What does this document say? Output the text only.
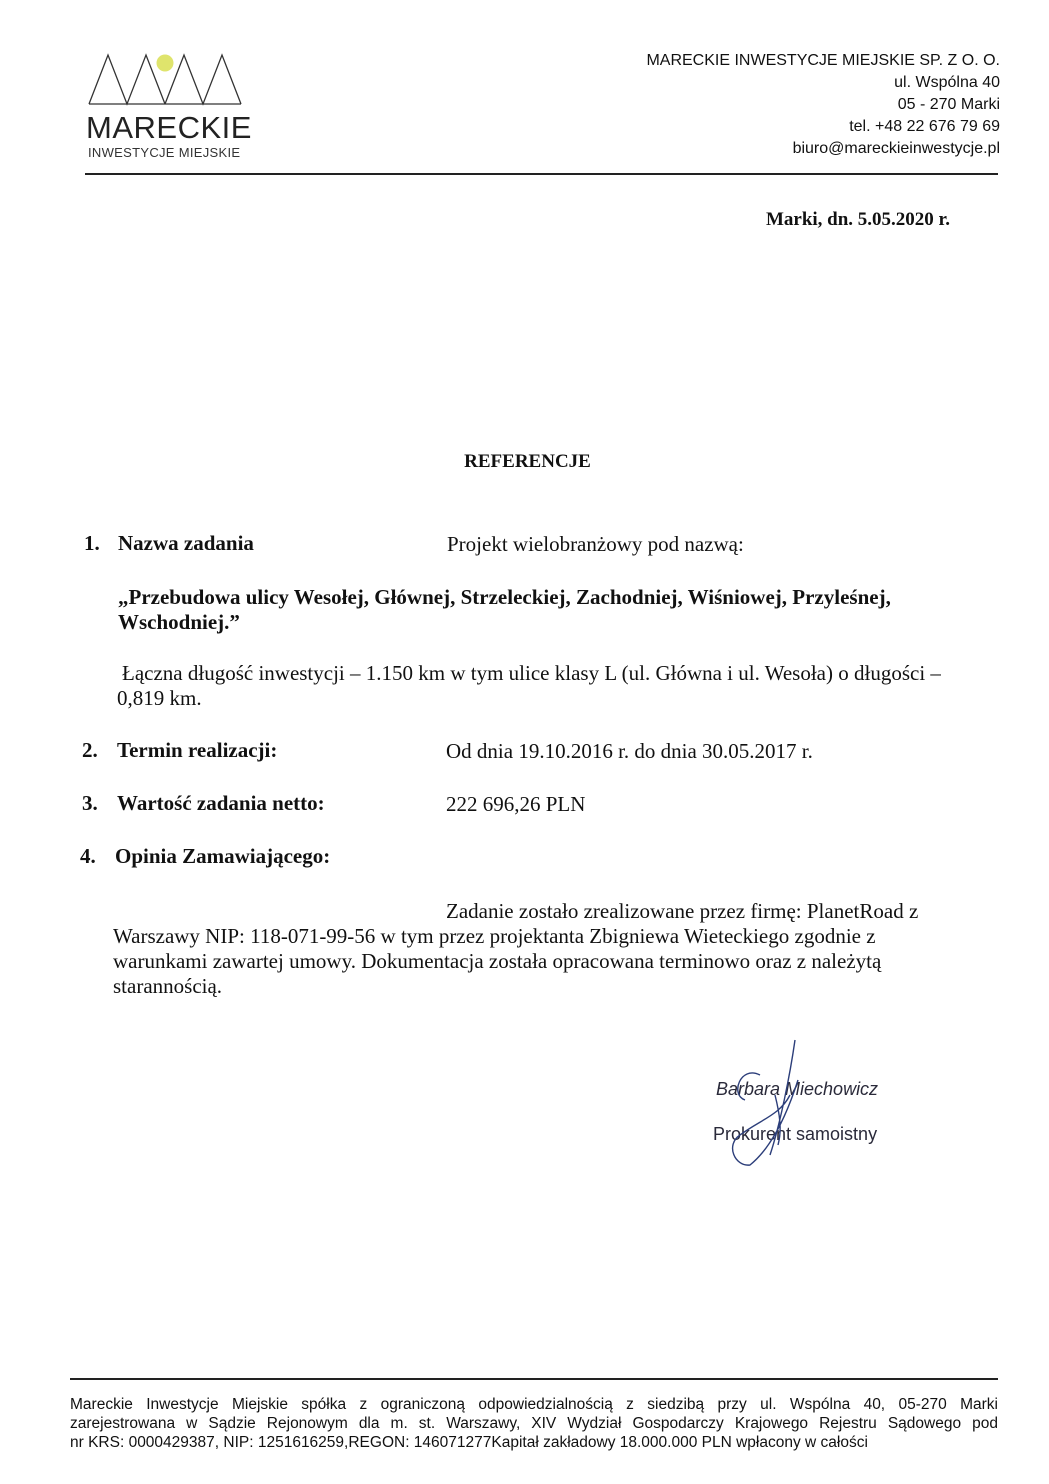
MARECKIE
INWESTYCJE MIEJSKIE
MARECKIE INWESTYCJE MIEJSKIE SP. Z O. O.
ul. Wspólna 40
05 - 270 Marki
tel. +48 22 676 79 69
biuro@mareckieinwestycje.pl
Marki, dn. 5.05.2020 r.
REFERENCJE
1. Nazwa zadania	Projekt wielobranżowy pod nazwą:
„Przebudowa ulicy Wesołej, Głównej, Strzeleckiej, Zachodniej, Wiśniowej, Przyleśnej,
Wschodniej.”
Łączna długość inwestycji – 1.150 km w tym ulice klasy L (ul. Główna i ul. Wesoła) o długości –
0,819 km.
2. Termin realizacji:	Od dnia 19.10.2016 r. do dnia 30.05.2017 r.
3. Wartość zadania netto:	222 696,26 PLN
4. Opinia Zamawiającego:
Zadanie zostało zrealizowane przez firmę: PlanetRoad z
Warszawy NIP: 118-071-99-56 w tym przez projektanta Zbigniewa Wieteckiego zgodnie z
warunkami zawartej umowy. Dokumentacja została opracowana terminowo oraz z należytą
starannością.
Barbara Miechowicz
Prokurent samoistny
Mareckie Inwestycje Miejskie spółka z ograniczoną odpowiedzialnością z siedzibą przy ul. Wspólna 40, 05-270 Marki
zarejestrowana w Sądzie Rejonowym dla m. st. Warszawy, XIV Wydział Gospodarczy Krajowego Rejestru Sądowego pod
nr KRS: 0000429387, NIP: 1251616259,REGON: 146071277Kapitał zakładowy 18.000.000 PLN wpłacony w całości
